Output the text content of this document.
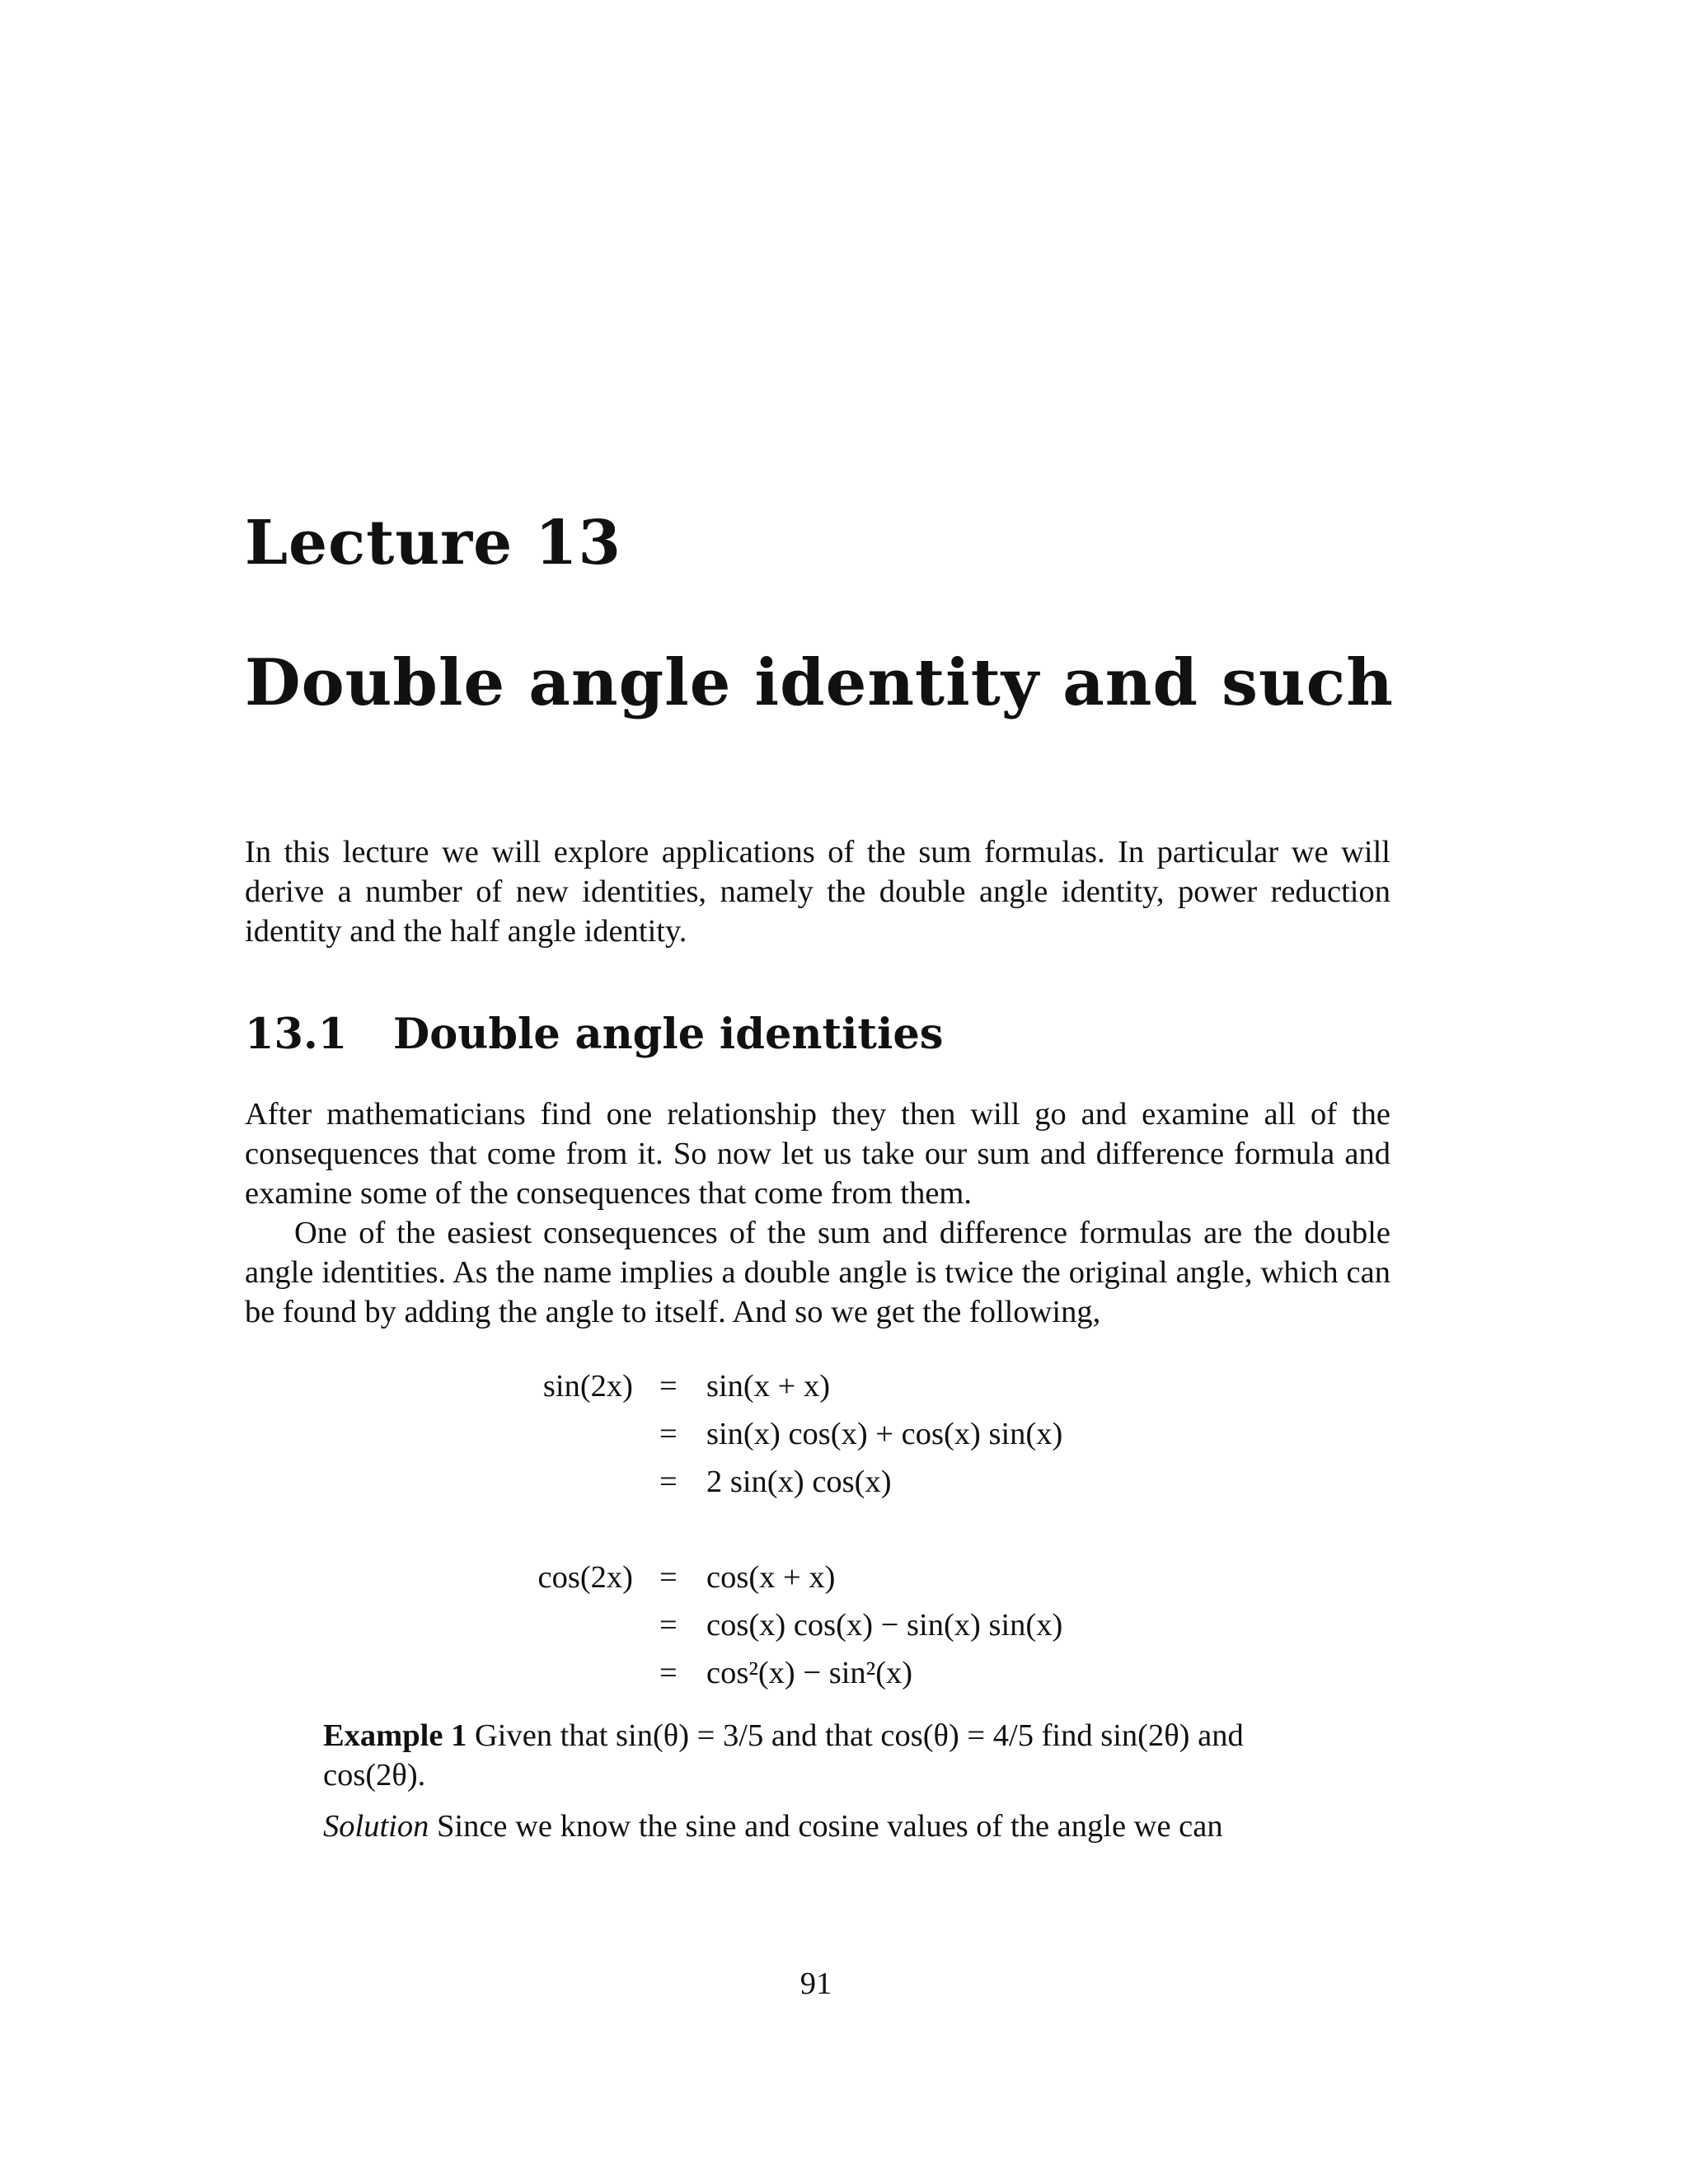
Lecture 13
Double angle identity and such

In this lecture we will explore applications of the sum formulas. In particular we will derive a number of new identities, namely the double angle identity, power reduction identity and the half angle identity.

13.1 Double angle identities

After mathematicians find one relationship they then will go and examine all of the consequences that come from it. So now let us take our sum and difference formula and examine some of the consequences that come from them.

One of the easiest consequences of the sum and difference formulas are the double angle identities. As the name implies a double angle is twice the original angle, which can be found by adding the angle to itself. And so we get the following,

sin(2x) = sin(x + x)
= sin(x) cos(x) + cos(x) sin(x)
= 2 sin(x) cos(x)
cos(2x) = cos(x + x)
= cos(x) cos(x) − sin(x) sin(x)
= cos²(x) − sin²(x)

Example 1 Given that sin(θ) = 3/5 and that cos(θ) = 4/5 find sin(2θ) and cos(2θ).

Solution Since we know the sine and cosine values of the angle we can

91
